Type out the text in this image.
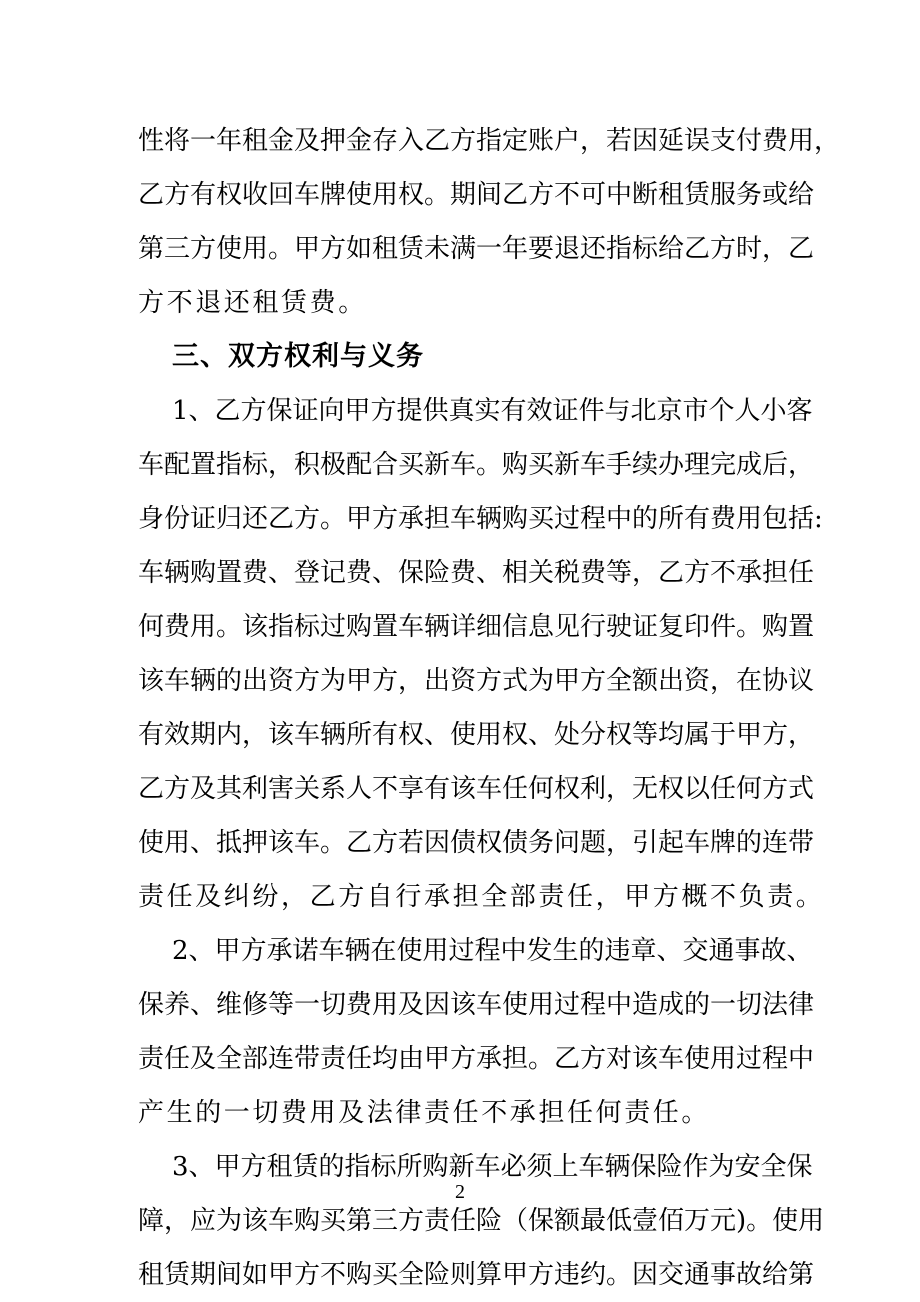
性将一年租金及押金存入乙方指定账户，若因延误支付费用，
乙方有权收回车牌使用权。期间乙方不可中断租赁服务或给
第三方使用。甲方如租赁未满一年要退还指标给乙方时，乙
方不退还租赁费。
三、双方权利与义务
1、乙方保证向甲方提供真实有效证件与北京市个人小客
车配置指标，积极配合买新车。购买新车手续办理完成后，
身份证归还乙方。甲方承担车辆购买过程中的所有费用包括:
车辆购置费、登记费、保险费、相关税费等，乙方不承担任
何费用。该指标过购置车辆详细信息见行驶证复印件。购置
该车辆的出资方为甲方，出资方式为甲方全额出资，在协议
有效期内，该车辆所有权、使用权、处分权等均属于甲方，
乙方及其利害关系人不享有该车任何权利，无权以任何方式
使用、抵押该车。乙方若因债权债务问题，引起车牌的连带
责任及纠纷，乙方自行承担全部责任，甲方概不负责。
2、甲方承诺车辆在使用过程中发生的违章、交通事故、
保养、维修等一切费用及因该车使用过程中造成的一切法律
责任及全部连带责任均由甲方承担。乙方对该车使用过程中
产生的一切费用及法律责任不承担任何责任。
3、甲方租赁的指标所购新车必须上车辆保险作为安全保
障，应为该车购买第三方责任险（保额最低壹佰万元)。使用
租赁期间如甲方不购买全险则算甲方违约。因交通事故给第
2
